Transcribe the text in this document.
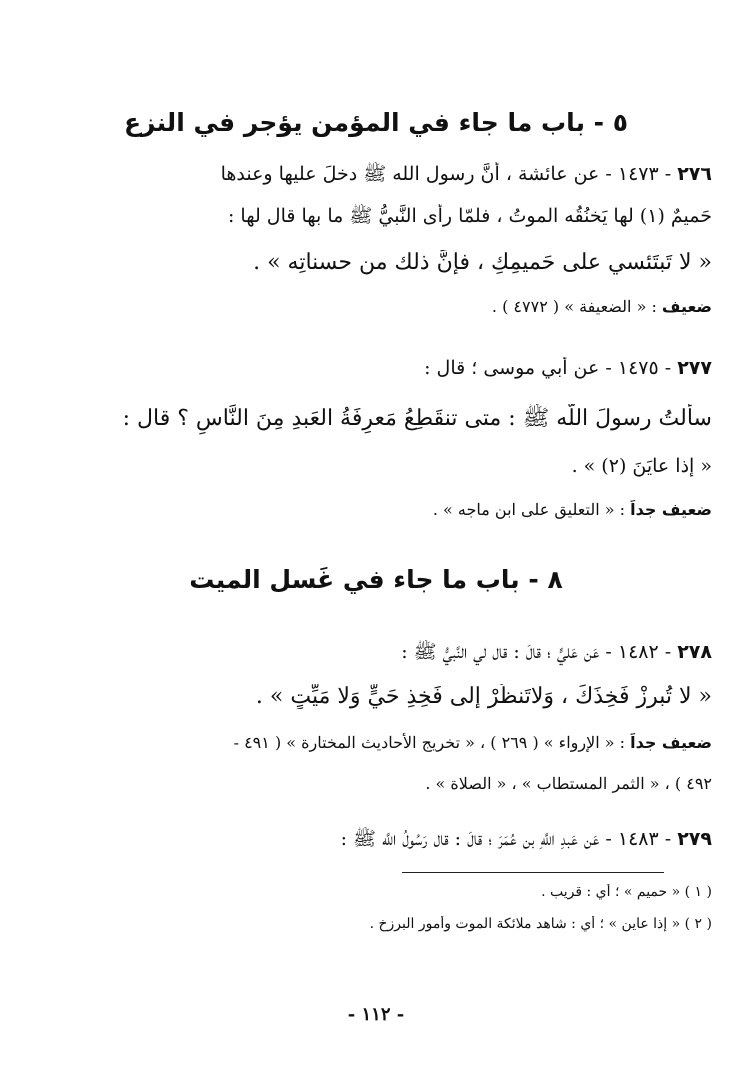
٥ - باب ما جاء في المؤمن يؤجر في النزع
٢٧٦ - ١٤٧٣ - عن عائشة ، أنَّ رسول الله ﷺ دخلَ عليها وعندها
حَميمٌ (١) لها يَخنُقُه الموتُ ، فلمّا رأى النَّبيُّ ﷺ ما بها قال لها :
« لا تَبتَئسي على حَميمِكِ ، فإنَّ ذلك من حسناتِه » .
ضعيف : « الضعيفة » ( ٤٧٧٢ ) .
٢٧٧ - ١٤٧٥ - عن أبي موسى ؛ قال :
سألتُ رسولَ اللَّه ﷺ : متى تنقَطِعُ مَعرِفَةُ العَبدِ مِنَ النَّاسِ ؟ قال :
« إذا عايَنَ (٢) » .
ضعيف جداً : « التعليق على ابن ماجه » .
٨ - باب ما جاء في غَسل الميت
٢٧٨ - ١٤٨٢ - عَن عَليٍّ ؛ قالَ : قال لي النَّبيُّ ﷺ :
« لا تُبرِزْ فَخِذَكَ ، وَلاتَنظُرْ إلى فَخِذِ حَيٍّ وَلا مَيِّتٍ » .
ضعيف جداً : « الإرواء » ( ٢٦٩ ) ، « تخريج الأحاديث المختارة » ( ٤٩١ -
٤٩٢ ) ، « الثمر المستطاب » ، « الصلاة » .
٢٧٩ - ١٤٨٣ - عَن عَبدِ اللَّهِ بن عُمَرَ ؛ قالَ : قال رَسُولُ اللَّه ﷺ :
( ١ ) « حميم » ؛ أي : قريب .
( ٢ ) « إذا عاين » ؛ أي : شاهد ملائكة الموت وأمور البرزخ .
- ١١٢ -
